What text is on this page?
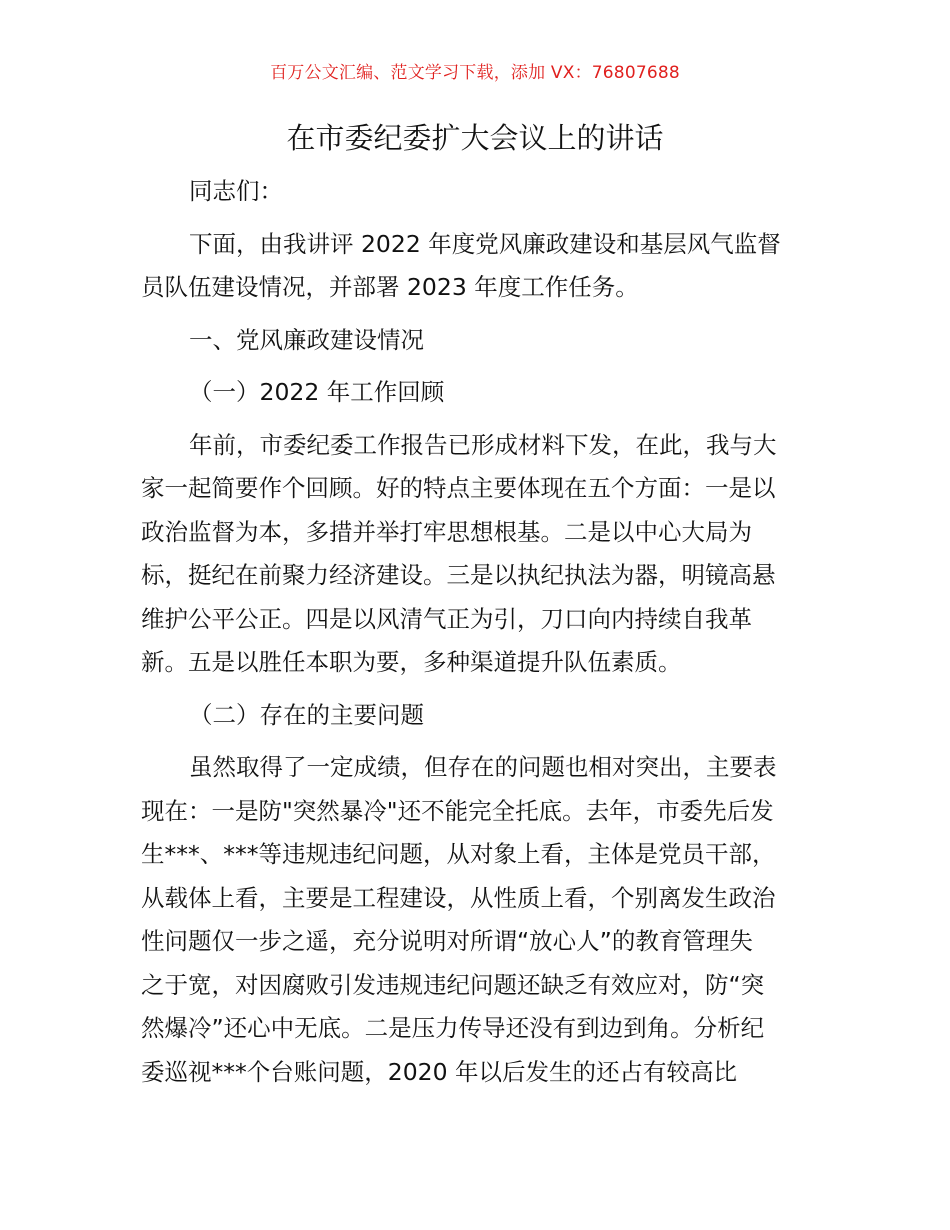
百万公文汇编、范文学习下载，添加 VX：76807688
在市委纪委扩大会议上的讲话
同志们：
下面，由我讲评 2022 年度党风廉政建设和基层风气监督
员队伍建设情况，并部署 2023 年度工作任务。
一、党风廉政建设情况
（一）2022 年工作回顾
年前，市委纪委工作报告已形成材料下发，在此，我与大
家一起简要作个回顾。好的特点主要体现在五个方面：一是以
政治监督为本，多措并举打牢思想根基。二是以中心大局为
标，挺纪在前聚力经济建设。三是以执纪执法为器，明镜高悬
维护公平公正。四是以风清气正为引，刀口向内持续自我革
新。五是以胜任本职为要，多种渠道提升队伍素质。
（二）存在的主要问题
虽然取得了一定成绩，但存在的问题也相对突出，主要表
现在：一是防"突然暴冷"还不能完全托底。去年，市委先后发
生***、***等违规违纪问题，从对象上看，主体是党员干部，
从载体上看，主要是工程建设，从性质上看，个别离发生政治
性问题仅一步之遥，充分说明对所谓“放心人”的教育管理失
之于宽，对因腐败引发违规违纪问题还缺乏有效应对，防“突
然爆冷”还心中无底。二是压力传导还没有到边到角。分析纪
委巡视***个台账问题，2020 年以后发生的还占有较高比
